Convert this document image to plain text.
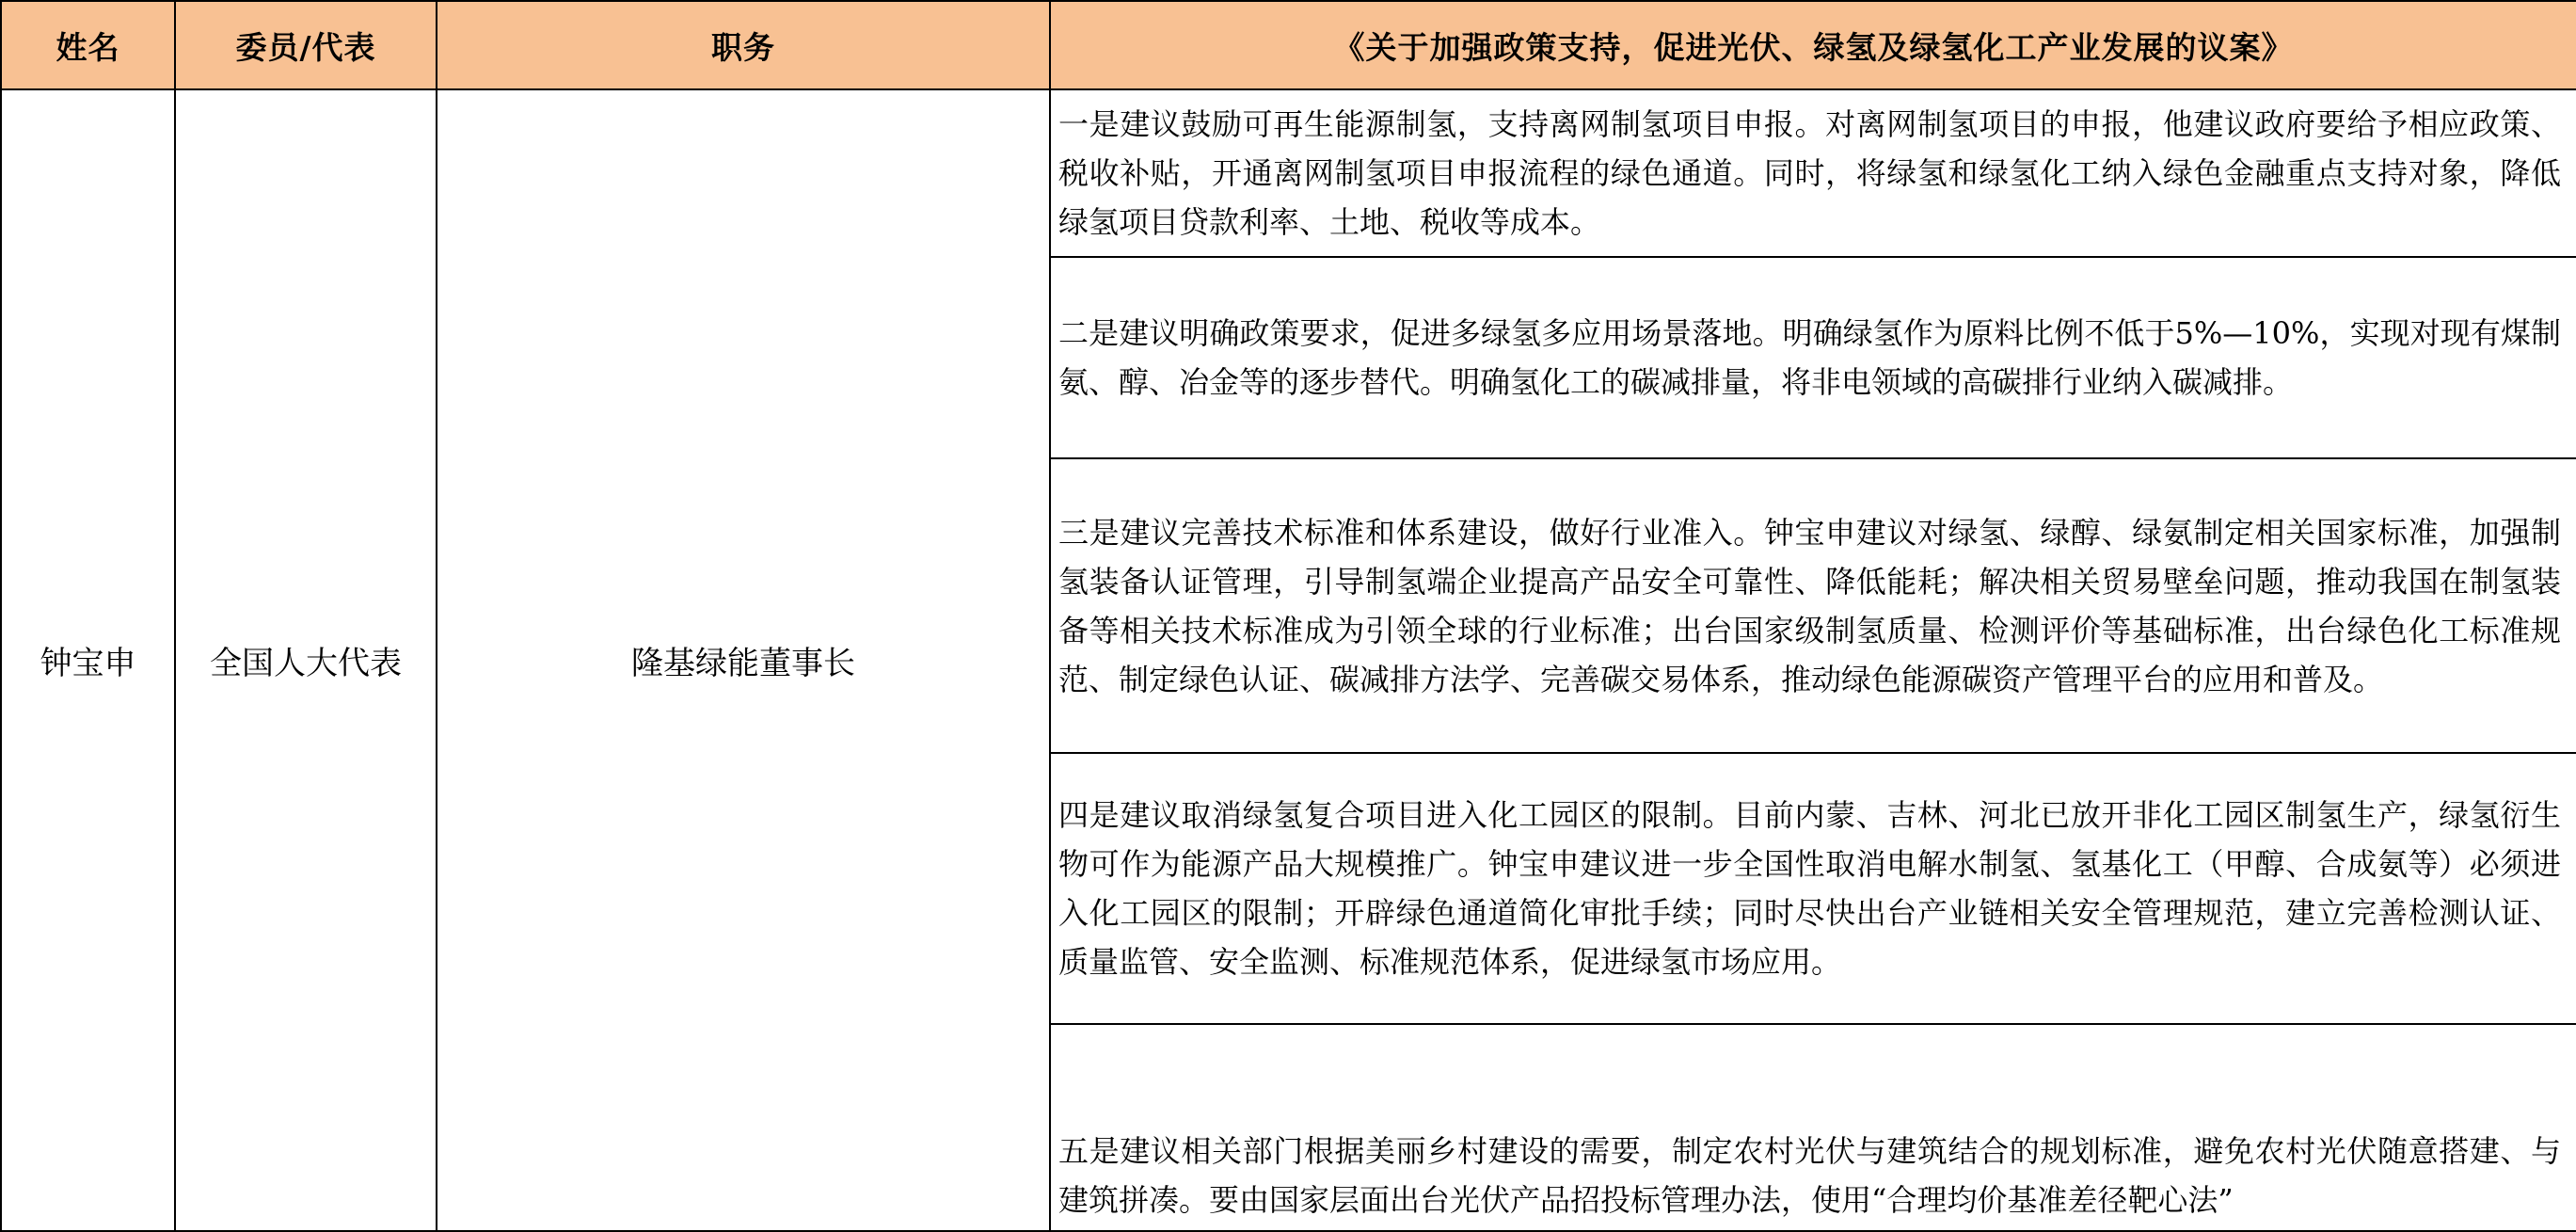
姓名	委员/代表	职务	《关于加强政策支持，促进光伏、绿氢及绿氢化工产业发展的议案》
钟宝申	全国人大代表	隆基绿能董事长	一是建议鼓励可再生能源制氢，支持离网制氢项目申报。对离网制氢项目的申报，他建议政府要给予相应政策、税收补贴，开通离网制氢项目申报流程的绿色通道。同时，将绿氢和绿氢化工纳入绿色金融重点支持对象，降低绿氢项目贷款利率、土地、税收等成本。
			二是建议明确政策要求，促进多绿氢多应用场景落地。明确绿氢作为原料比例不低于5%—10%，实现对现有煤制氨、醇、冶金等的逐步替代。明确氢化工的碳减排量，将非电领域的高碳排行业纳入碳减排。
			三是建议完善技术标准和体系建设，做好行业准入。钟宝申建议对绿氢、绿醇、绿氨制定相关国家标准，加强制氢装备认证管理，引导制氢端企业提高产品安全可靠性、降低能耗；解决相关贸易壁垒问题，推动我国在制氢装备等相关技术标准成为引领全球的行业标准；出台国家级制氢质量、检测评价等基础标准，出台绿色化工标准规范、制定绿色认证、碳减排方法学、完善碳交易体系，推动绿色能源碳资产管理平台的应用和普及。
			四是建议取消绿氢复合项目进入化工园区的限制。目前内蒙、吉林、河北已放开非化工园区制氢生产，绿氢衍生物可作为能源产品大规模推广。钟宝申建议进一步全国性取消电解水制氢、氢基化工（甲醇、合成氨等）必须进入化工园区的限制；开辟绿色通道简化审批手续；同时尽快出台产业链相关安全管理规范，建立完善检测认证、质量监管、安全监测、标准规范体系，促进绿氢市场应用。
			五是建议相关部门根据美丽乡村建设的需要，制定农村光伏与建筑结合的规划标准，避免农村光伏随意搭建、与建筑拼凑。要由国家层面出台光伏产品招投标管理办法，使用“合理均价基准差径靶心法”
